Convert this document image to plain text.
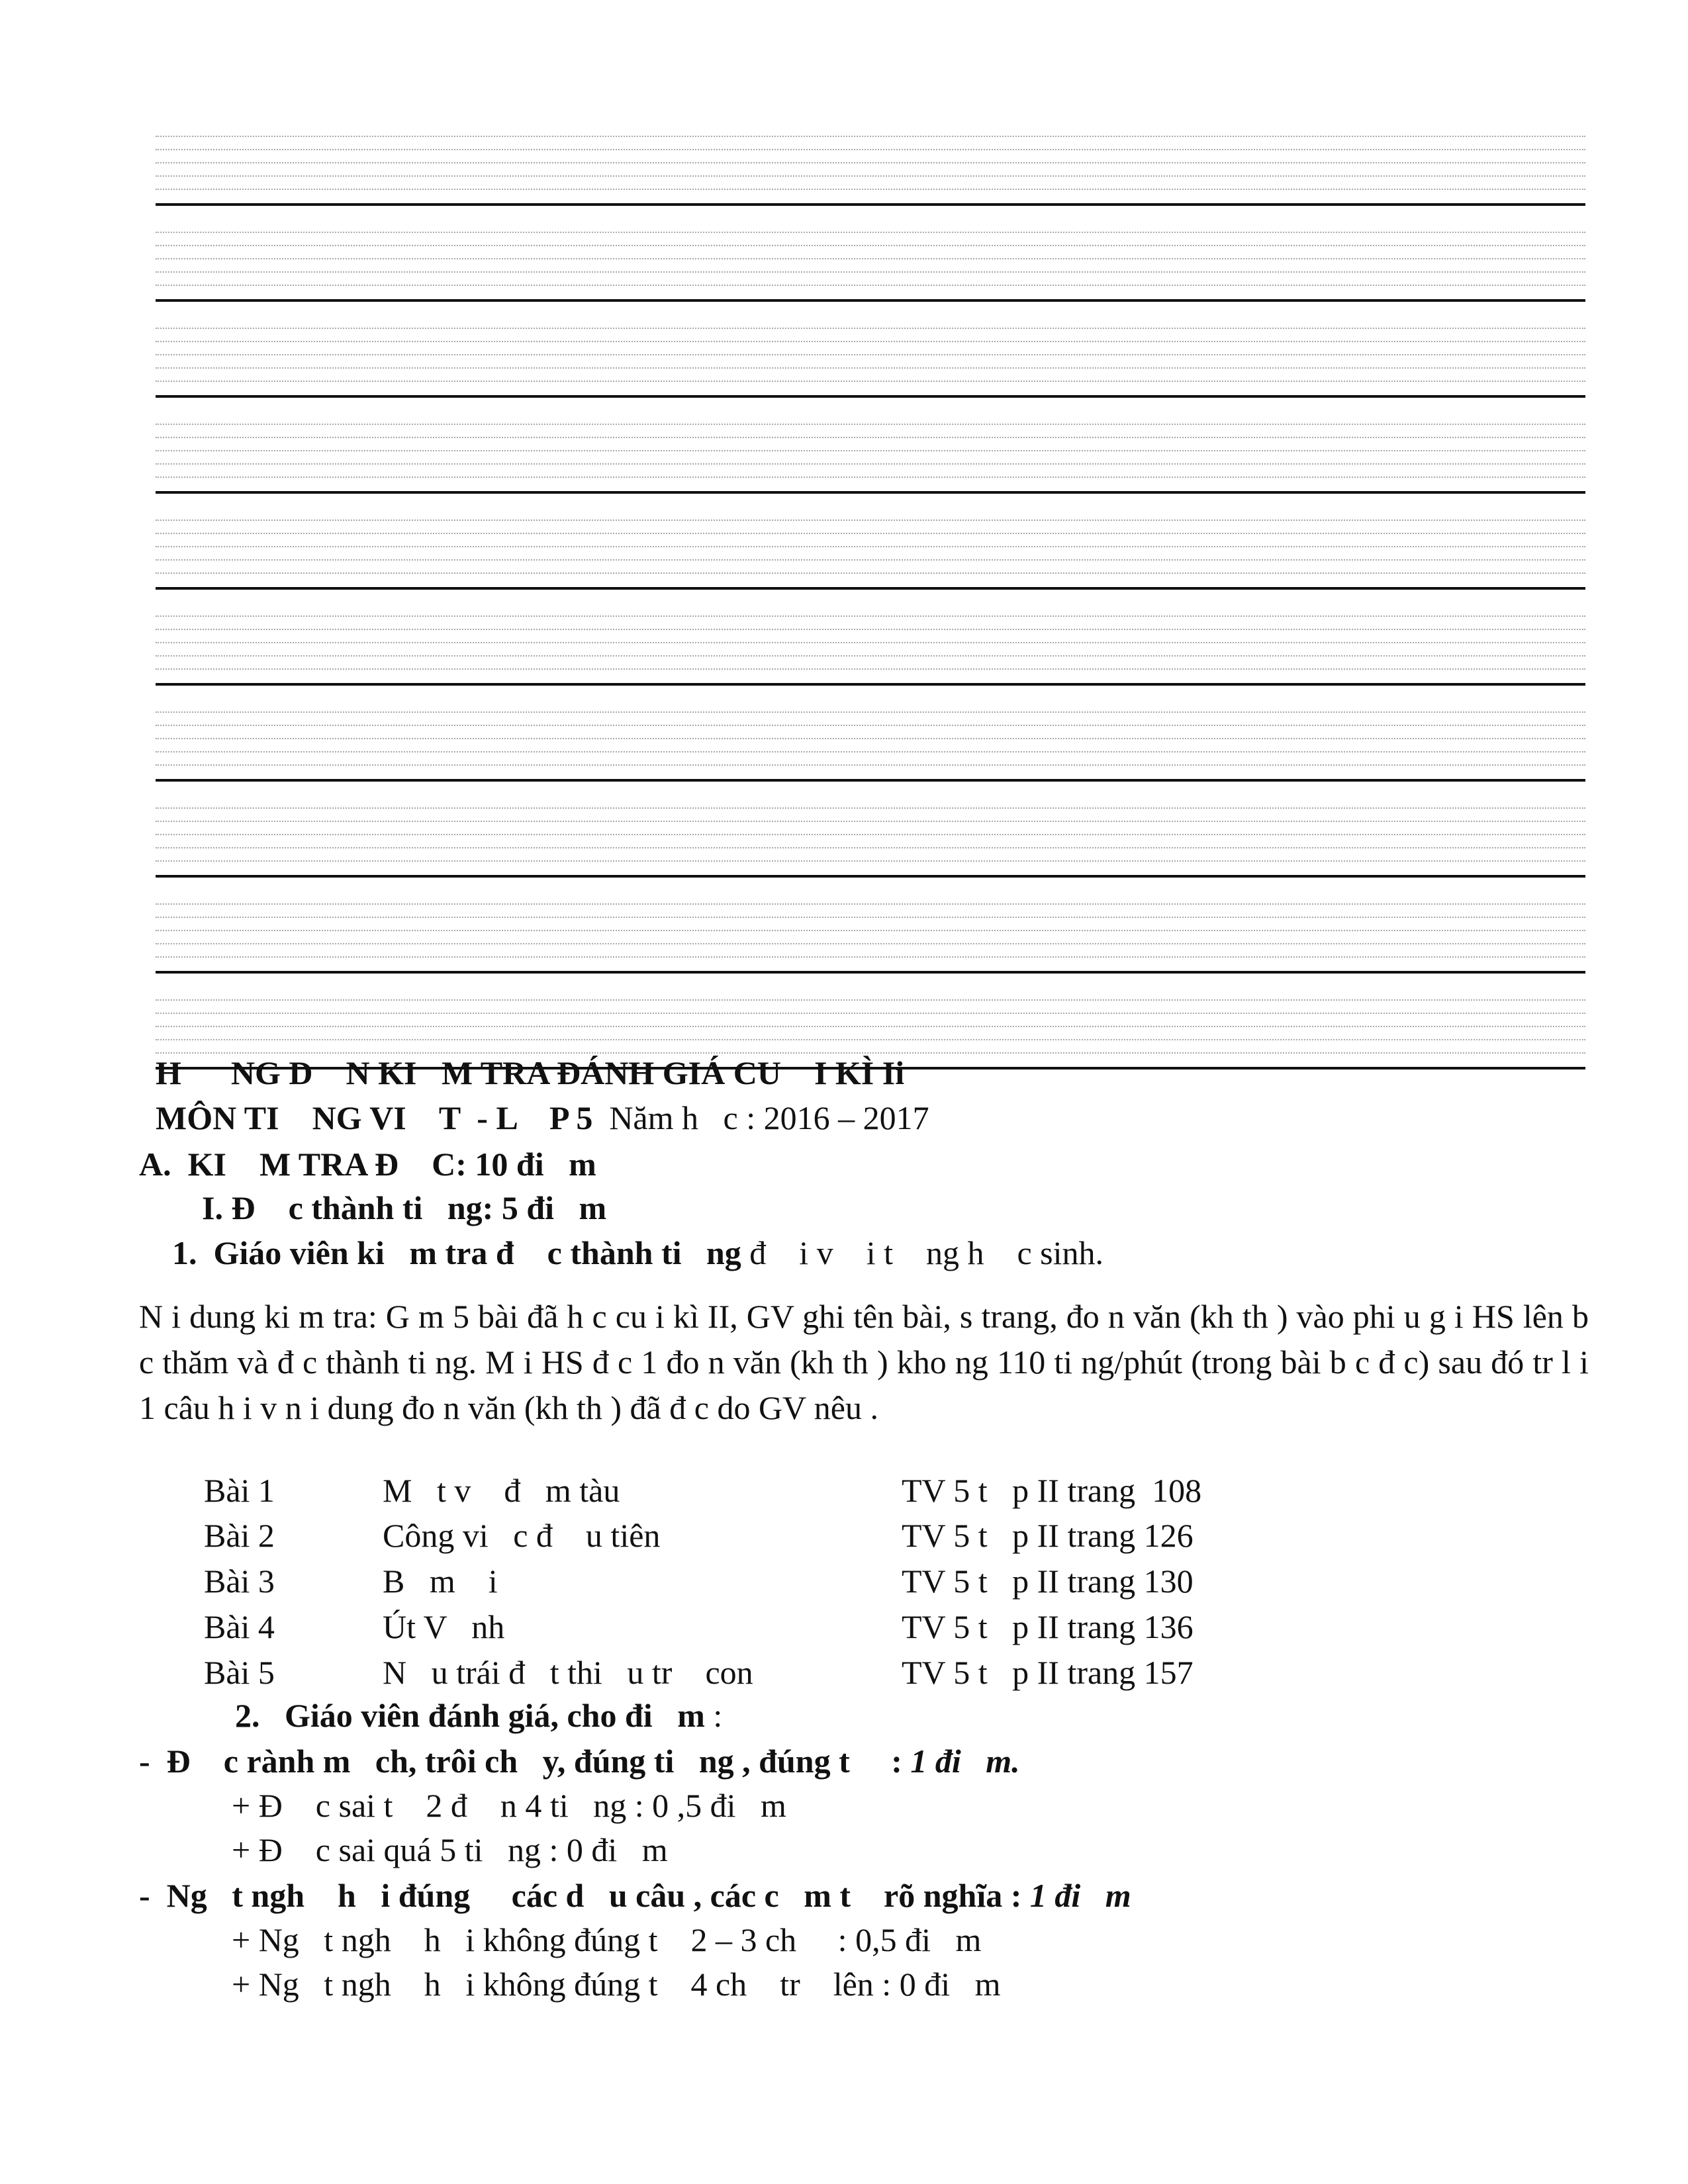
H      NG D    N KI   M TRA ĐÁNH GIÁ CU    I KÌ Ii
MÔN TI    NG VI    T  - L    P 5  Năm h   c : 2016 – 2017
A.  KI    M TRA Đ    C: 10 đi   m
I. Đ    c thành ti   ng: 5 đi   m
1.  Giáo viên ki   m tra đ    c thành ti   ng đ    i v    i t    ng h    c sinh.
N i dung ki m tra: G m 5 bài đã h c cu i kì II, GV ghi tên bài, s trang, đo n văn (kh th ) vào phi u g i HS lên b c thăm và đ c thành ti ng. M i HS đ c 1 đo n văn (kh th ) kho ng 110 ti ng/phút (trong bài b c đ c) sau đó tr l i 1 câu h i v n i dung đo n văn (kh th ) đã đ c do GV nêu .
Bài 1	M   t v    đ   m tàu	TV 5 t   p II trang  108
Bài 2	Công vi   c đ    u tiên	TV 5 t   p II trang 126
Bài 3	B   m    i	TV 5 t   p II trang 130
Bài 4	Út V   nh	TV 5 t   p II trang 136
Bài 5	N   u trái đ   t thi   u tr    con	TV 5 t   p II trang 157
2.   Giáo viên đánh giá, cho đi   m :
-  Đ    c rành m   ch, trôi ch   y, đúng ti   ng , đúng t     : 1 đi   m.
+ Đ    c sai t    2 đ    n 4 ti   ng : 0 ,5 đi   m
+ Đ    c sai quá 5 ti   ng : 0 đi   m
-  Ng   t ngh    h   i đúng     các d   u câu , các c   m t    rõ nghĩa : 1 đi   m
+ Ng   t ngh    h   i không đúng t    2 – 3 ch     : 0,5 đi   m
+ Ng   t ngh    h   i không đúng t    4 ch    tr    lên : 0 đi   m
